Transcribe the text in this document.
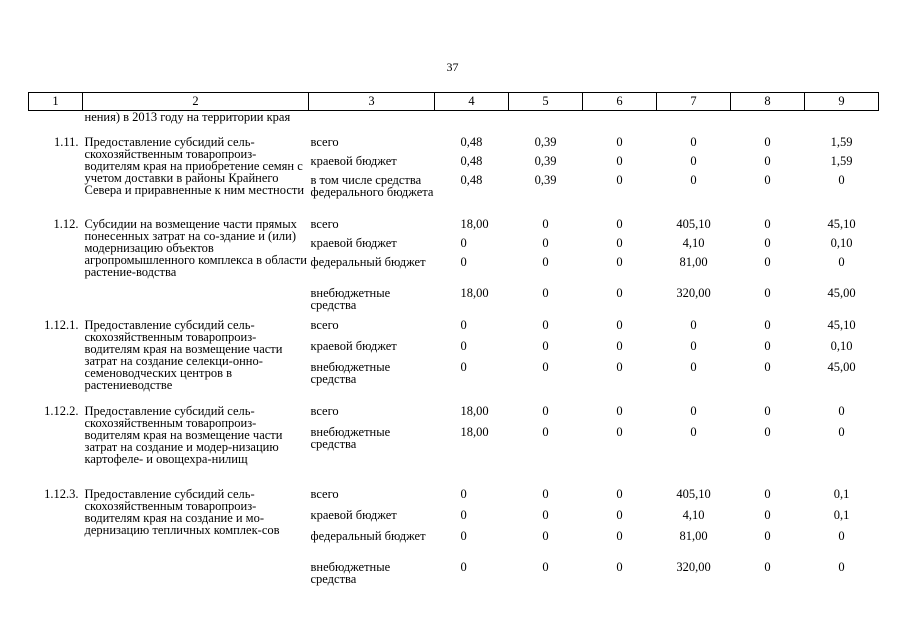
37
1	2	3	4	5	6	7	8	9
	нения) в 2013 году на территории края							
1.11.	Предоставление субсидий сель-скохозяйственным товаропроиз-водителям края на приобретение семян с учетом доставки в районы Крайнего Севера и приравненные к ним местности	всего	0,48	0,39	0	0	0	1,59
		краевой бюджет	0,48	0,39	0	0	0	1,59
		в том числе средства федерального бюджета	0,48	0,39	0	0	0	0
1.12.	Субсидии на возмещение части прямых понесенных затрат на со-здание и (или) модернизацию объектов агропромышленного комплекса в области растение-водства	всего	18,00	0	0	405,10	0	45,10
		краевой бюджет	0	0	0	4,10	0	0,10
		федеральный бюджет	0	0	0	81,00	0	0
		внебюджетные средства	18,00	0	0	320,00	0	45,00
1.12.1.	Предоставление субсидий сель-скохозяйственным товаропроиз-водителям края на возмещение части затрат на создание селекци-онно-семеноводческих центров в растениеводстве	всего	0	0	0	0	0	45,10
		краевой бюджет	0	0	0	0	0	0,10
		внебюджетные средства	0	0	0	0	0	45,00
1.12.2.	Предоставление субсидий сель-скохозяйственным товаропроиз-водителям края на возмещение части затрат на создание и модер-низацию картофеле- и овощехра-нилищ	всего	18,00	0	0	0	0	0
		внебюджетные средства	18,00	0	0	0	0	0
1.12.3.	Предоставление субсидий сель-скохозяйственным товаропроиз-водителям края на создание и мо-дернизацию тепличных комплек-сов	всего	0	0	0	405,10	0	0,1
		краевой бюджет	0	0	0	4,10	0	0,1
		федеральный бюджет	0	0	0	81,00	0	0
		внебюджетные средства	0	0	0	320,00	0	0
